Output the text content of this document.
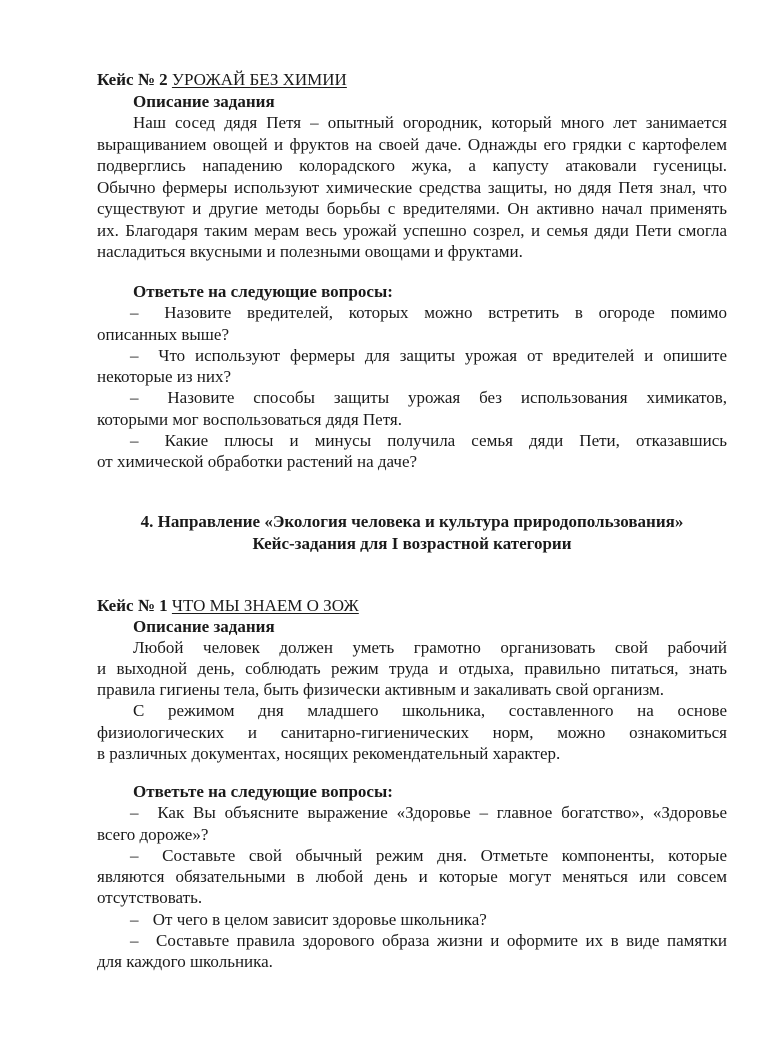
Кейс № 2 УРОЖАЙ БЕЗ ХИМИИ
Описание задания
Наш сосед дядя Петя – опытный огородник, который много лет занимается
выращиванием овощей и фруктов на своей даче. Однажды его грядки с картофелем
подверглись нападению колорадского жука, а капусту атаковали гусеницы.
Обычно фермеры используют химические средства защиты, но дядя Петя знал, что
существуют и другие методы борьбы с вредителями. Он активно начал применять
их. Благодаря таким мерам весь урожай успешно созрел, и семья дяди Пети смогла
насладиться вкусными и полезными овощами и фруктами.
Ответьте на следующие вопросы:
– Назовите вредителей, которых можно встретить в огороде помимо
описанных выше?
– Что используют фермеры для защиты урожая от вредителей и опишите
некоторые из них?
– Назовите способы защиты урожая без использования химикатов,
которыми мог воспользоваться дядя Петя.
– Какие плюсы и минусы получила семья дяди Пети, отказавшись
от химической обработки растений на даче?
4. Направление «Экология человека и культура природопользования»
Кейс-задания для I возрастной категории
Кейс № 1 ЧТО МЫ ЗНАЕМ О ЗОЖ
Описание задания
Любой человек должен уметь грамотно организовать свой рабочий
и выходной день, соблюдать режим труда и отдыха, правильно питаться, знать
правила гигиены тела, быть физически активным и закаливать свой организм.
С режимом дня младшего школьника, составленного на основе
физиологических и санитарно-гигиенических норм, можно ознакомиться
в различных документах, носящих рекомендательный характер.
Ответьте на следующие вопросы:
– Как Вы объясните выражение «Здоровье – главное богатство», «Здоровье
всего дороже»?
– Составьте свой обычный режим дня. Отметьте компоненты, которые
являются обязательными в любой день и которые могут меняться или совсем
отсутствовать.
– От чего в целом зависит здоровье школьника?
– Составьте правила здорового образа жизни и оформите их в виде памятки
для каждого школьника.
